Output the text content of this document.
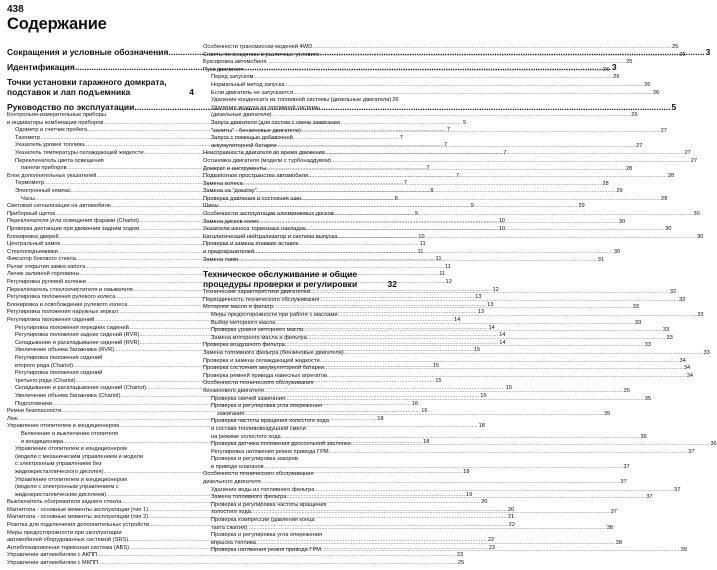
438
Содержание
Сокращения и условные обозначения .....	3
Идентификация .....	3
Точки установки гаражного домкрата,
подставок и лап подъемника	4
Руководство по эксплуатации .....	5
Контрольно-измерительные приборы
и индикаторы комбинации приборов .....	5
Одометр и счетчик пробега .....	7
Тахометр .....	7
Указатель уровня топлива .....	7
Указатель температуры охлаждающей жидкости .....	7
Переключатель цвета освещения
панели приборов .....	7
Блок дополнительных указателей .....	7
Термометр .....	7
Электронный компас .....	8
Часы .....	8
Световая сигнализация на автомобиле .....	9
Приборный щиток .....	9
Переключатели угла освещения фарами (Chariot) .....	10
Проверка дистанции при движении задним ходом .....	10
Блокировка дверей .....	10
Центральный замок .....	11
Стеклоподъемники .....	11
Фиксатор бокового стекла .....	11
Рычаг открытия замка капота .....	11
Лючок заливной горловины .....	11
Регулировка рулевой колонки .....	12
Переключатель стеклоочистителя и омывателя .....	12
Регулировка положения рулевого колеса .....	13
Блокировка и освобождение рулевого колеса .....	13
Регулировка положения наружных зеркал .....	13
Регулировка положения сидений .....	14
Регулировка положения передних сидений .....	14
Регулировка положения задних сидений (RVR) .....	14
Складывание и раскладывание сидений (RVR) .....	14
Увеличение объема багажника (RVR) .....	15
Регулировка положения сидений
второго ряда (Chariot) .....	15
Регулировка положения сидений
третьего ряда (Chariot) .....	15
Складывание и раскладывание сидений (Chariot) .....	15
Увеличение объема багажника (Chariot) .....	15
Подголовники .....	16
Ремни безопасности .....	16
Люк .....	18
Управление отопителем и кондиционером .....	18
Включение и выключение отопителя
и кондиционера .....	18
Управление отопителем и кондиционером
(модели с механическим управлением и модели
с электронным управлением без
жидкокристаллического дисплея) .....	18
Управление отопителем и кондиционером
(модели с электронным управлением с
жидкокристаллическим дисплеем) .....	19
Выключатель обогревателя заднего стекла .....	20
Магнитола - основные моменты эксплуатации (тип 1) .....	20
Магнитола - основные моменты эксплуатации (тип 2) .....	21
Розетка для подключения дополнительных устройств .....	22
Меры предосторожности при эксплуатации
автомобилей оборудованных системой (SRS) .....	22
Антиблокировочная тормозная система (ABS) .....	23
Управление автомобилем с АКПП .....	23
Управление автомобилем с МКПП .....	25
Особенности трансмиссии моделей 4WD .....	25
Советы по вождению в различных условиях .....	25
Буксировка автомобиля .....	25
Пуск двигателя .....	26
Перед запуском .....	26
Нормальный метод запуска .....	26
Если двигатель не запускается .....	26
Удаление конденсата из топливной системы (дизельные двигатели) 26
Удаление воздуха из топливной системы
(дизельные двигатели) .....	26
Запуск двигателя (для систем с свечи зажигания
"залиты" - бензиновые двигатели) .....	27
Запуск с помощью добавочной
аккумуляторной батареи .....	27
Неисправности двигателя во время движения .....	27
Остановка двигателя (модели с турбонаддувом) .....	27
Домкрат и инструменты .....	28
Подкапотное пространство автомобиля .....	28
Замена колеса .....	28
Замена на "докатку" .....	29
Проверка давления и состояния шин .....	29
Шины .....	29
Особенности эксплуатации алюминиевых дисков .....	30
Замена дисков колес .....	30
Указатели износа тормозных накладок .....	30
Каталитический нейтрализатор и система выпуска .....	30
Проверка и замена плавких вставок
и предохранителей .....	30
Замена ламп .....	31
Техническое обслуживание и общие
процедуры проверки и регулировки	32
Технические характеристики двигателей .....	32
Периодичность технического обслуживания .....	32
Моторное масло и фильтр .....	33
Меры предосторожности при работе с маслами .....	33
Выбор моторного масла .....	33
Проверка уровня моторного масла .....	33
Замена моторного масла и фильтра .....	33
Проверка воздушного фильтра .....	33
Замена топливного фильтра (бензиновые двигатели) .....	33
Проверка и замена охлаждающей жидкости .....	34
Проверка состояния аккумуляторной батареи .....	34
Проверка ремней привода навесных агрегатов .....	34
Особенности технического обслуживания
бензинового двигателя .....	35
Проверка свечей зажигания .....	35
Проверка и регулировка угла опережения
зажигания .....	35
Проверка частоты вращения холостого хода
и состава топливовоздушной смеси
на режиме холостого хода .....	36
Проверка датчика положения дроссельной заслонки .....	36
Регулировка натяжения ремня привода ГРМ .....	37
Проверка и регулировка зазоров
в приводе клапанов .....	37
Особенности технического обслуживания
дизельного двигателя .....	37
Удаление воды из топливного фильтра .....	37
Замена топливного фильтра .....	37
Проверка и регулировка частоты вращения
холостого хода .....	37
Проверка компрессии (давления конца
такта сжатия) .....	38
Проверка и регулировка угла опережения
впрыска топлива .....	38
Проверка натяжения ремня привода ГРМ .....	39
